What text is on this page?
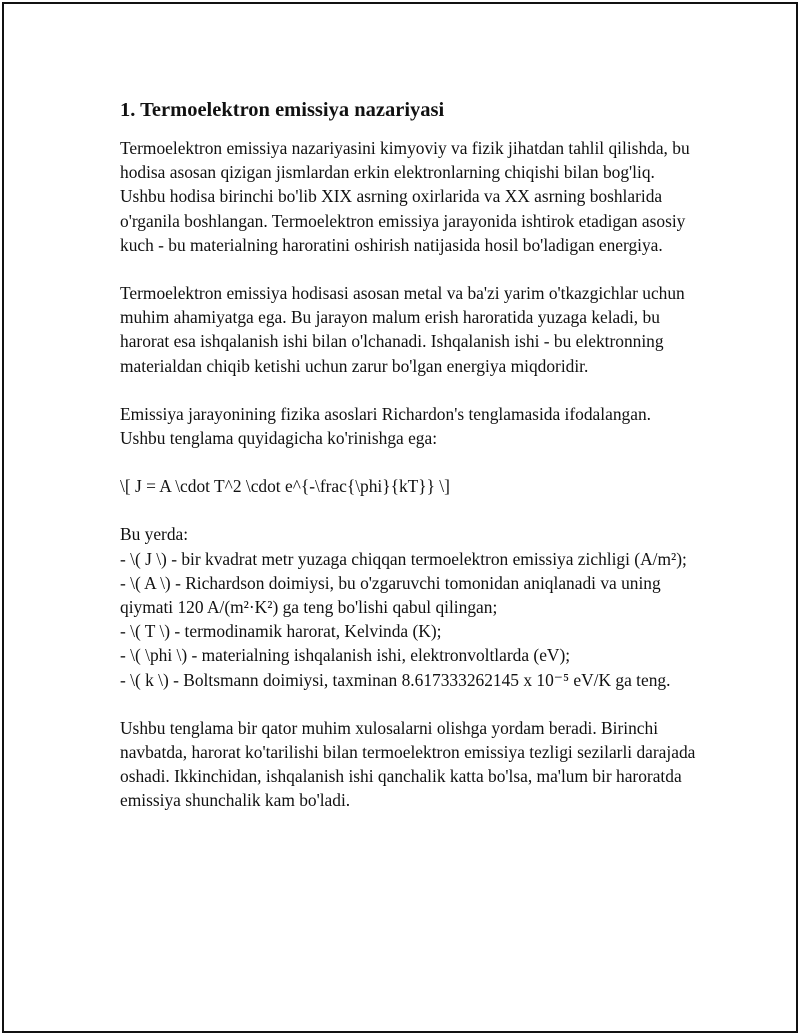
1. Termoelektron emissiya nazariyasi

Termoelektron emissiya nazariyasini kimyoviy va fizik jihatdan tahlil qilishda, bu hodisa asosan qizigan jismlardan erkin elektronlarning chiqishi bilan bog'liq. Ushbu hodisa birinchi bo'lib XIX asrning oxirlarida va XX asrning boshlarida o'rganila boshlangan. Termoelektron emissiya jarayonida ishtirok etadigan asosiy kuch - bu materialning haroratini oshirish natijasida hosil bo'ladigan energiya.

Termoelektron emissiya hodisasi asosan metal va ba'zi yarim o'tkazgichlar uchun muhim ahamiyatga ega. Bu jarayon malum erish haroratida yuzaga keladi, bu harorat esa ishqalanish ishi bilan o'lchanadi. Ishqalanish ishi - bu elektronning materialdan chiqib ketishi uchun zarur bo'lgan energiya miqdoridir.

Emissiya jarayonining fizika asoslari Richardon's tenglamasida ifodalangan. Ushbu tenglama quyidagicha ko'rinishga ega:

\[ J = A \cdot T^2 \cdot e^{-\frac{\phi}{kT}} \]

Bu yerda:
- \( J \) - bir kvadrat metr yuzaga chiqqan termoelektron emissiya zichligi (A/m²);
- \( A \) - Richardson doimiysi, bu o'zgaruvchi tomonidan aniqlanadi va uning qiymati 120 A/(m²·K²) ga teng bo'lishi qabul qilingan;
- \( T \) - termodinamik harorat, Kelvinda (K);
- \( \phi \) - materialning ishqalanish ishi, elektronvoltlarda (eV);
- \( k \) - Boltsmann doimiysi, taxminan 8.617333262145 x 10⁻⁵ eV/K ga teng.

Ushbu tenglama bir qator muhim xulosalarni olishga yordam beradi. Birinchi navbatda, harorat ko'tarilishi bilan termoelektron emissiya tezligi sezilarli darajada oshadi. Ikkinchidan, ishqalanish ishi qanchalik katta bo'lsa, ma'lum bir haroratda emissiya shunchalik kam bo'ladi.
